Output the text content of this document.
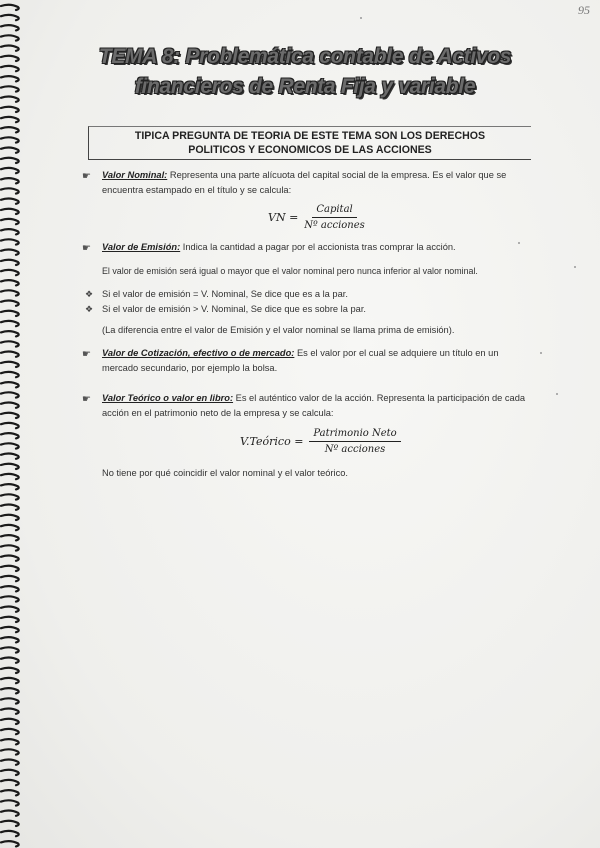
95
TEMA 8: Problemática contable de Activos
financieros de Renta Fija y variable
TIPICA PREGUNTA DE TEORIA DE ESTE TEMA SON LOS DERECHOS
POLITICOS Y ECONOMICOS DE LAS ACCIONES
☛ Valor Nominal: Representa una parte alícuota del capital social de la empresa. Es el valor que se encuentra estampado en el título y se calcula:
VN = $\frac{\text{Capital}}{\text{Nº acciones}}$
☛ Valor de Emisión: Indica la cantidad a pagar por el accionista tras comprar la acción.
El valor de emisión será igual o mayor que el valor nominal pero nunca inferior al valor nominal.
❖ Si el valor de emisión = V. Nominal, Se dice que es a la par.
❖ Si el valor de emisión > V. Nominal, Se dice que es sobre la par.
(La diferencia entre el valor de Emisión y el valor nominal se llama prima de emisión).
☛ Valor de Cotización, efectivo o de mercado: Es el valor por el cual se adquiere un título en un mercado secundario, por ejemplo la bolsa.
☛ Valor Teórico o valor en libro: Es el auténtico valor de la acción. Representa la participación de cada acción en el patrimonio neto de la empresa y se calcula:
V.Teórico = $\frac{\text{Patrimonio Neto}}{\text{Nº acciones}}$
No tiene por qué coincidir el valor nominal y el valor teórico.
